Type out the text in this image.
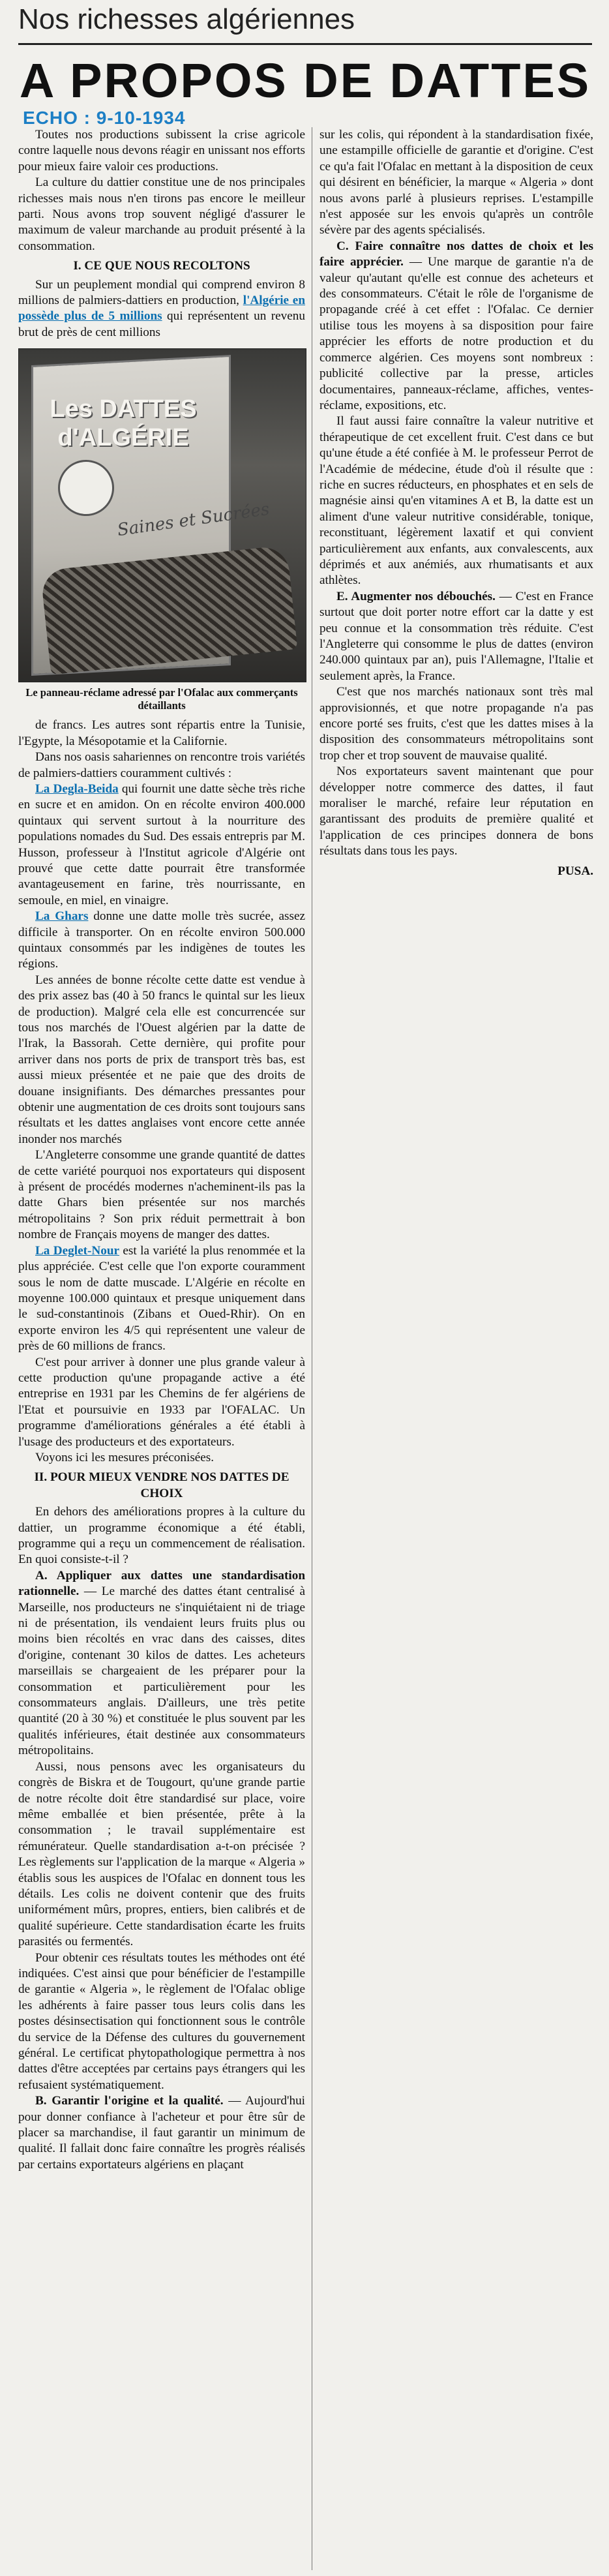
Nos richesses algériennes
A PROPOS DE DATTES
ECHO : 9-10-1934

Toutes nos productions subissent la crise agricole contre laquelle nous devons réagir en unissant nos efforts pour mieux faire valoir ces productions.

La culture du dattier constitue une de nos principales richesses mais nous n'en tirons pas encore le meilleur parti. Nous avons trop souvent négligé d'assurer le maximum de valeur marchande au produit présenté à la consommation.

I. CE QUE NOUS RECOLTONS

Sur un peuplement mondial qui comprend environ 8 millions de palmiers-dattiers en production, l'Algérie en possède plus de 5 millions qui représentent un revenu brut de près de cent millions

Les DATTES d'ALGÉRIE
Saines et Sucrées

Le panneau-réclame adressé par l'Ofalac aux commerçants détaillants

de francs. Les autres sont répartis entre la Tunisie, l'Egypte, la Mésopotamie et la Californie.

Dans nos oasis sahariennes on rencontre trois variétés de palmiers-dattiers couramment cultivés :

La Degla-Beida qui fournit une datte sèche très riche en sucre et en amidon. On en récolte environ 400.000 quintaux qui servent surtout à la nourriture des populations nomades du Sud. Des essais entrepris par M. Husson, professeur à l'Institut agricole d'Algérie ont prouvé que cette datte pourrait être transformée avantageusement en farine, très nourrissante, en semoule, en miel, en vinaigre.

La Ghars donne une datte molle très sucrée, assez difficile à transporter. On en récolte environ 500.000 quintaux consommés par les indigènes de toutes les régions.

Les années de bonne récolte cette datte est vendue à des prix assez bas (40 à 50 francs le quintal sur les lieux de production). Malgré cela elle est concurrencée sur tous nos marchés de l'Ouest algérien par la datte de l'Irak, la Bassorah. Cette dernière, qui profite pour arriver dans nos ports de prix de transport très bas, est aussi mieux présentée et ne paie que des droits de douane insignifiants. Des démarches pressantes pour obtenir une augmentation de ces droits sont toujours sans résultats et les dattes anglaises vont encore cette année inonder nos marchés

L'Angleterre consomme une grande quantité de dattes de cette variété pourquoi nos exportateurs qui disposent à présent de procédés modernes n'acheminent-ils pas la datte Ghars bien présentée sur nos marchés métropolitains ? Son prix réduit permettrait à bon nombre de Français moyens de manger des dattes.

La Deglet-Nour est la variété la plus renommée et la plus appréciée. C'est celle que l'on exporte couramment sous le nom de datte muscade. L'Algérie en récolte en moyenne 100.000 quintaux et presque uniquement dans le sud-constantinois (Zibans et Oued-Rhir). On en exporte environ les 4/5 qui représentent une valeur de près de 60 millions de francs.

C'est pour arriver à donner une plus grande valeur à cette production qu'une propagande active a été entreprise en 1931 par les Chemins de fer algériens de l'Etat et poursuivie en 1933 par l'OFALAC. Un programme d'améliorations générales a été établi à l'usage des producteurs et des exportateurs.

Voyons ici les mesures préconisées.

II. POUR MIEUX VENDRE NOS DATTES DE CHOIX

En dehors des améliorations propres à la culture du dattier, un programme économique a été établi, programme qui a reçu un commencement de réalisation. En quoi consiste-t-il ?

A. Appliquer aux dattes une standardisation rationnelle. — Le marché des dattes étant centralisé à Marseille, nos producteurs ne s'inquiétaient ni de triage ni de présentation, ils vendaient leurs fruits plus ou moins bien récoltés en vrac dans des caisses, dites d'origine, contenant 30 kilos de dattes. Les acheteurs marseillais se chargeaient de les préparer pour la consommation et particulièrement pour les consommateurs anglais. D'ailleurs, une très petite quantité (20 à 30 %) et constituée le plus souvent par les qualités inférieures, était destinée aux consommateurs métropolitains.

Aussi, nous pensons avec les organisateurs du congrès de Biskra et de Tougourt, qu'une grande partie de notre récolte doit être standardisé sur place, voire même emballée et bien présentée, prête à la consommation ; le travail supplémentaire est rémunérateur. Quelle standardisation a-t-on précisée ? Les règlements sur l'application de la marque « Algeria » établis sous les auspices de l'Ofalac en donnent tous les détails. Les colis ne doivent contenir que des fruits uniformément mûrs, propres, entiers, bien calibrés et de qualité supérieure. Cette standardisation écarte les fruits parasités ou fermentés.

Pour obtenir ces résultats toutes les méthodes ont été indiquées. C'est ainsi que pour bénéficier de l'estampille de garantie « Algeria », le règlement de l'Ofalac oblige les adhérents à faire passer tous leurs colis dans les postes désinsectisation qui fonctionnent sous le contrôle du service de la Défense des cultures du gouvernement général. Le certificat phytopathologique permettra à nos dattes d'être acceptées par certains pays étrangers qui les refusaient systématiquement.

B. Garantir l'origine et la qualité. — Aujourd'hui pour donner confiance à l'acheteur et pour être sûr de placer sa marchandise, il faut garantir un minimum de qualité. Il fallait donc faire connaître les progrès réalisés par certains exportateurs algériens en plaçant

sur les colis, qui répondent à la standardisation fixée, une estampille officielle de garantie et d'origine. C'est ce qu'a fait l'Ofalac en mettant à la disposition de ceux qui désirent en bénéficier, la marque « Algeria » dont nous avons parlé à plusieurs reprises. L'estampille n'est apposée sur les envois qu'après un contrôle sévère par des agents spécialisés.

C. Faire connaître nos dattes de choix et les faire apprécier. — Une marque de garantie n'a de valeur qu'autant qu'elle est connue des acheteurs et des consommateurs. C'était le rôle de l'organisme de propagande créé à cet effet : l'Ofalac. Ce dernier utilise tous les moyens à sa disposition pour faire apprécier les efforts de notre production et du commerce algérien. Ces moyens sont nombreux : publicité collective par la presse, articles documentaires, panneaux-réclame, affiches, ventes-réclame, expositions, etc.

Il faut aussi faire connaître la valeur nutritive et thérapeutique de cet excellent fruit. C'est dans ce but qu'une étude a été confiée à M. le professeur Perrot de l'Académie de médecine, étude d'où il résulte que : riche en sucres réducteurs, en phosphates et en sels de magnésie ainsi qu'en vitamines A et B, la datte est un aliment d'une valeur nutritive considérable, tonique, reconstituant, légèrement laxatif et qui convient particulièrement aux enfants, aux convalescents, aux déprimés et aux anémiés, aux rhumatisants et aux athlètes.

E. Augmenter nos débouchés. — C'est en France surtout que doit porter notre effort car la datte y est peu connue et la consommation très réduite. C'est l'Angleterre qui consomme le plus de dattes (environ 240.000 quintaux par an), puis l'Allemagne, l'Italie et seulement après, la France.

C'est que nos marchés nationaux sont très mal approvisionnés, et que notre propagande n'a pas encore porté ses fruits, c'est que les dattes mises à la disposition des consommateurs métropolitains sont trop cher et trop souvent de mauvaise qualité.

Nos exportateurs savent maintenant que pour développer notre commerce des dattes, il faut moraliser le marché, refaire leur réputation en garantissant des produits de première qualité et l'application de ces principes donnera de bons résultats dans tous les pays.

PUSA.
